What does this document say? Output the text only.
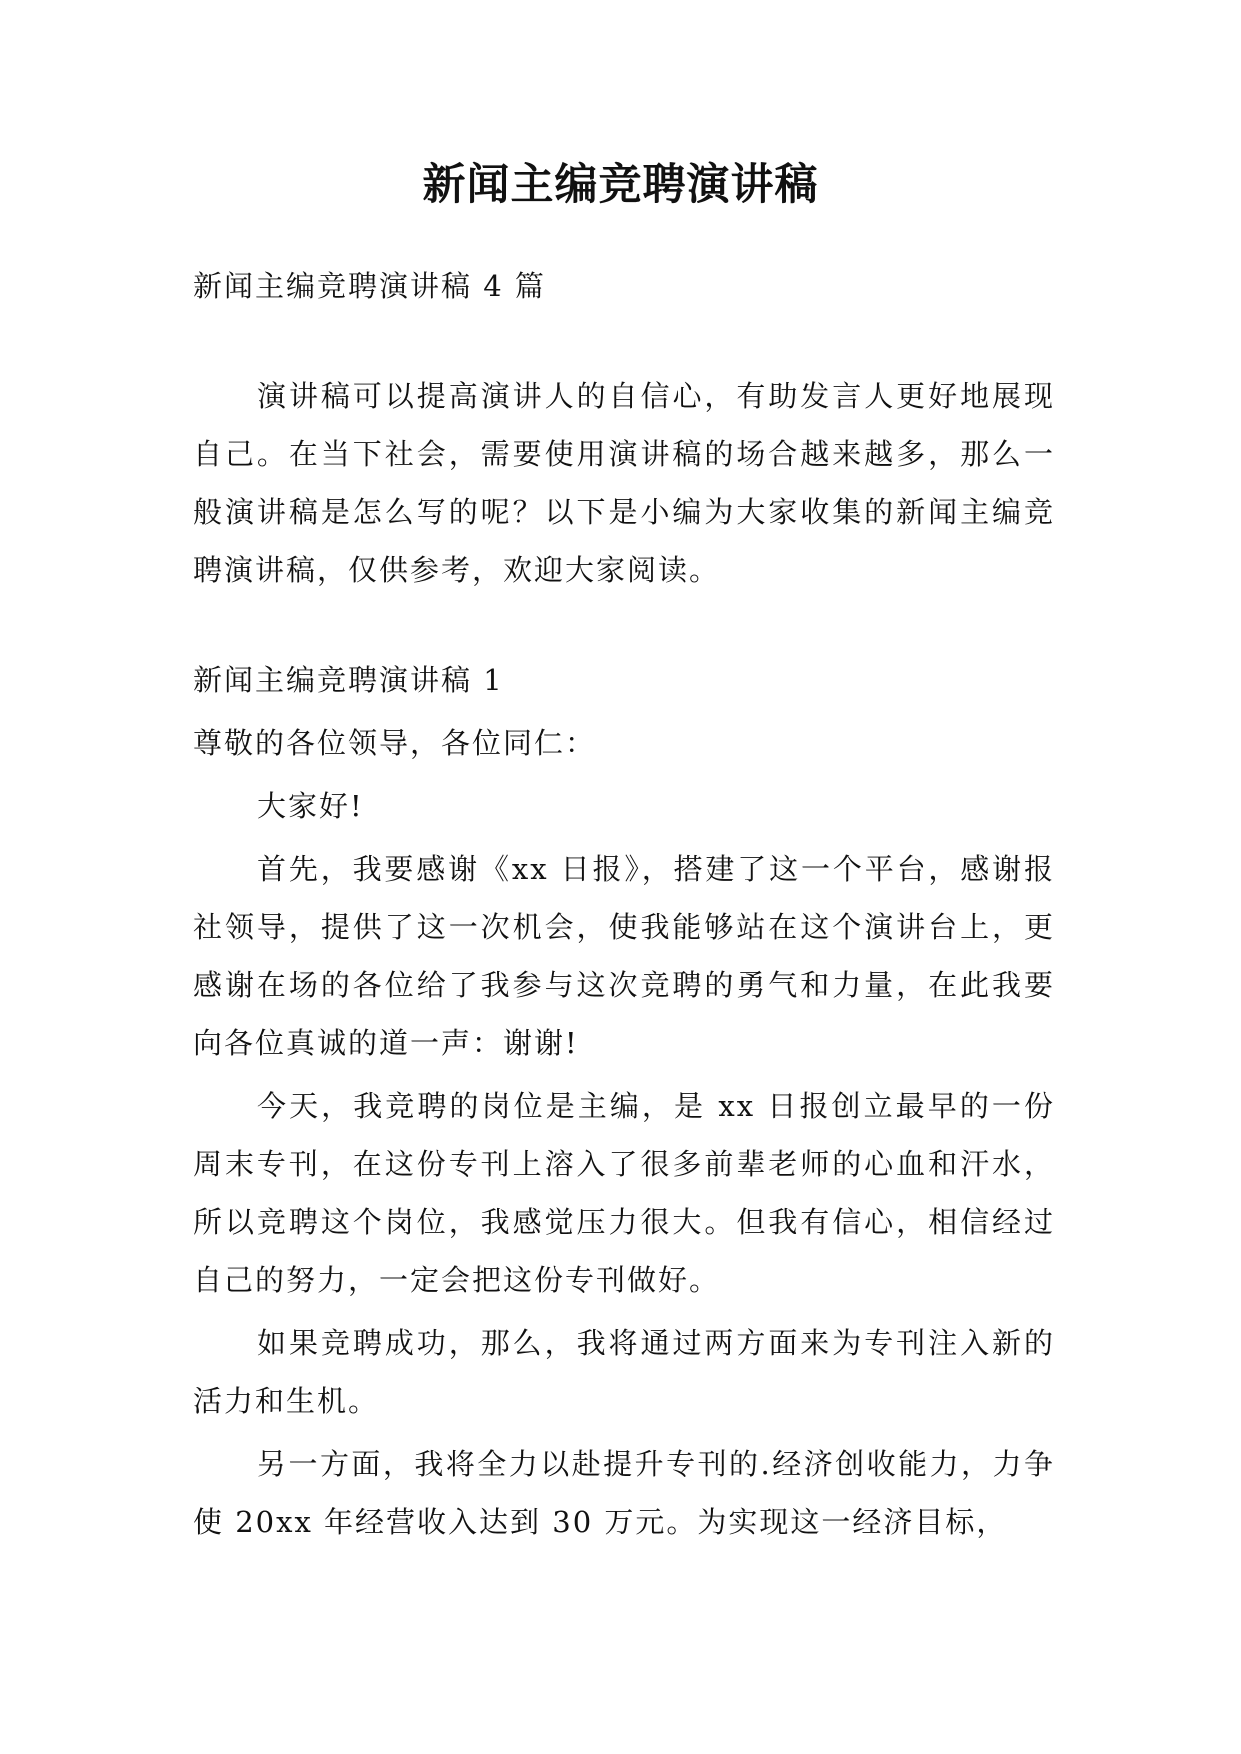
新闻主编竞聘演讲稿

新闻主编竞聘演讲稿 4 篇

演讲稿可以提高演讲人的自信心，有助发言人更好地展现自己。在当下社会，需要使用演讲稿的场合越来越多，那么一般演讲稿是怎么写的呢？以下是小编为大家收集的新闻主编竞聘演讲稿，仅供参考，欢迎大家阅读。

新闻主编竞聘演讲稿 1

尊敬的各位领导，各位同仁：

大家好!

首先，我要感谢《xx 日报》，搭建了这一个平台，感谢报社领导，提供了这一次机会，使我能够站在这个演讲台上，更感谢在场的各位给了我参与这次竞聘的勇气和力量，在此我要向各位真诚的道一声：谢谢!

今天，我竞聘的岗位是主编，是 xx 日报创立最早的一份周末专刊，在这份专刊上溶入了很多前辈老师的心血和汗水，所以竞聘这个岗位，我感觉压力很大。但我有信心，相信经过自己的努力，一定会把这份专刊做好。

如果竞聘成功，那么，我将通过两方面来为专刊注入新的活力和生机。

另一方面，我将全力以赴提升专刊的.经济创收能力，力争使 20xx 年经营收入达到 30 万元。为实现这一经济目标，
